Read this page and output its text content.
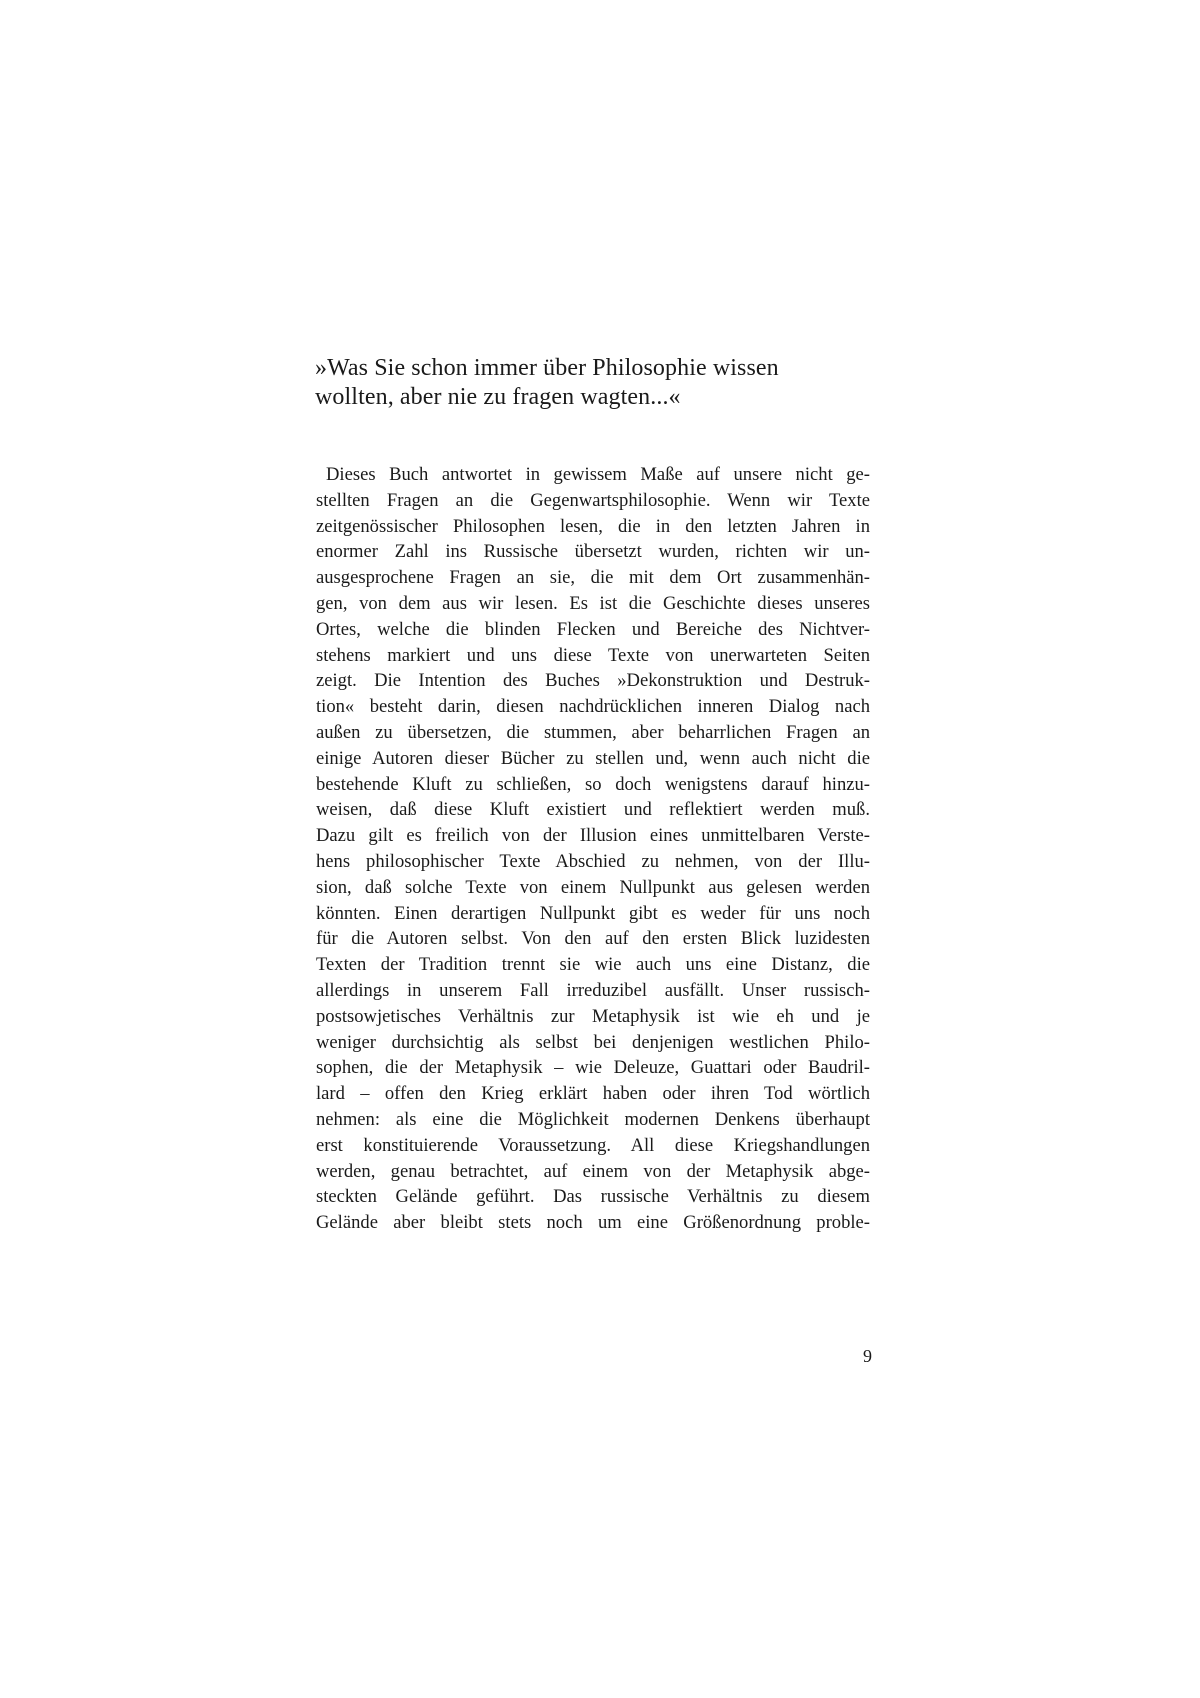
»Was Sie schon immer über Philosophie wissen
wollten, aber nie zu fragen wagten...«
Dieses Buch antwortet in gewissem Maße auf unsere nicht ge-
stellten Fragen an die Gegenwartsphilosophie. Wenn wir Texte
zeitgenössischer Philosophen lesen, die in den letzten Jahren in
enormer Zahl ins Russische übersetzt wurden, richten wir un-
ausgesprochene Fragen an sie, die mit dem Ort zusammenhän-
gen, von dem aus wir lesen. Es ist die Geschichte dieses unseres
Ortes, welche die blinden Flecken und Bereiche des Nichtver-
stehens markiert und uns diese Texte von unerwarteten Seiten
zeigt. Die Intention des Buches »Dekonstruktion und Destruk-
tion« besteht darin, diesen nachdrücklichen inneren Dialog nach
außen zu übersetzen, die stummen, aber beharrlichen Fragen an
einige Autoren dieser Bücher zu stellen und, wenn auch nicht die
bestehende Kluft zu schließen, so doch wenigstens darauf hinzu-
weisen, daß diese Kluft existiert und reflektiert werden muß.
Dazu gilt es freilich von der Illusion eines unmittelbaren Verste-
hens philosophischer Texte Abschied zu nehmen, von der Illu-
sion, daß solche Texte von einem Nullpunkt aus gelesen werden
könnten. Einen derartigen Nullpunkt gibt es weder für uns noch
für die Autoren selbst. Von den auf den ersten Blick luzidesten
Texten der Tradition trennt sie wie auch uns eine Distanz, die
allerdings in unserem Fall irreduzibel ausfällt. Unser russisch-
postsowjetisches Verhältnis zur Metaphysik ist wie eh und je
weniger durchsichtig als selbst bei denjenigen westlichen Philo-
sophen, die der Metaphysik – wie Deleuze, Guattari oder Baudril-
lard – offen den Krieg erklärt haben oder ihren Tod wörtlich
nehmen: als eine die Möglichkeit modernen Denkens überhaupt
erst konstituierende Voraussetzung. All diese Kriegshandlungen
werden, genau betrachtet, auf einem von der Metaphysik abge-
steckten Gelände geführt. Das russische Verhältnis zu diesem
Gelände aber bleibt stets noch um eine Größenordnung proble-
9
